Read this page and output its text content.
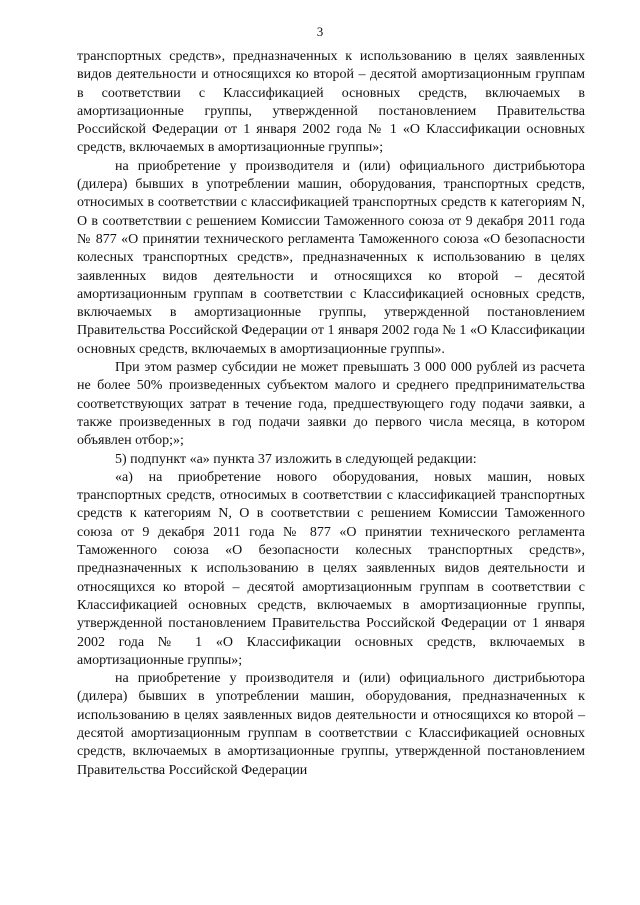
3

транспортных средств», предназначенных к использованию в целях заявленных видов деятельности и относящихся ко второй – десятой амортизационным группам в соответствии с Классификацией основных средств, включаемых в амортизационные группы, утвержденной постановлением Правительства Российской Федерации от 1 января 2002 года № 1 «О Классификации основных средств, включаемых в амортизационные группы»;

на приобретение у производителя и (или) официального дистрибьютора (дилера) бывших в употреблении машин, оборудования, транспортных средств, относимых в соответствии с классификацией транспортных средств к категориям N, O в соответствии с решением Комиссии Таможенного союза от 9 декабря 2011 года № 877 «О принятии технического регламента Таможенного союза «О безопасности колесных транспортных средств», предназначенных к использованию в целях заявленных видов деятельности и относящихся ко второй – десятой амортизационным группам в соответствии с Классификацией основных средств, включаемых в амортизационные группы, утвержденной постановлением Правительства Российской Федерации от 1 января 2002 года № 1 «О Классификации основных средств, включаемых в амортизационные группы».

При этом размер субсидии не может превышать 3 000 000 рублей из расчета не более 50% произведенных субъектом малого и среднего предпринимательства соответствующих затрат в течение года, предшествующего году подачи заявки, а также произведенных в год подачи заявки до первого числа месяца, в котором объявлен отбор;»;

5) подпункт «а» пункта 37 изложить в следующей редакции:

«а) на приобретение нового оборудования, новых машин, новых транспортных средств, относимых в соответствии с классификацией транспортных средств к категориям N, O в соответствии с решением Комиссии Таможенного союза от 9 декабря 2011 года № 877 «О принятии технического регламента Таможенного союза «О безопасности колесных транспортных средств», предназначенных к использованию в целях заявленных видов деятельности и относящихся ко второй – десятой амортизационным группам в соответствии с Классификацией основных средств, включаемых в амортизационные группы, утвержденной постановлением Правительства Российской Федерации от 1 января 2002 года № 1 «О Классификации основных средств, включаемых в амортизационные группы»;

на приобретение у производителя и (или) официального дистрибьютора (дилера) бывших в употреблении машин, оборудования, предназначенных к использованию в целях заявленных видов деятельности и относящихся ко второй – десятой амортизационным группам в соответствии с Классификацией основных средств, включаемых в амортизационные группы, утвержденной постановлением Правительства Российской Федерации
